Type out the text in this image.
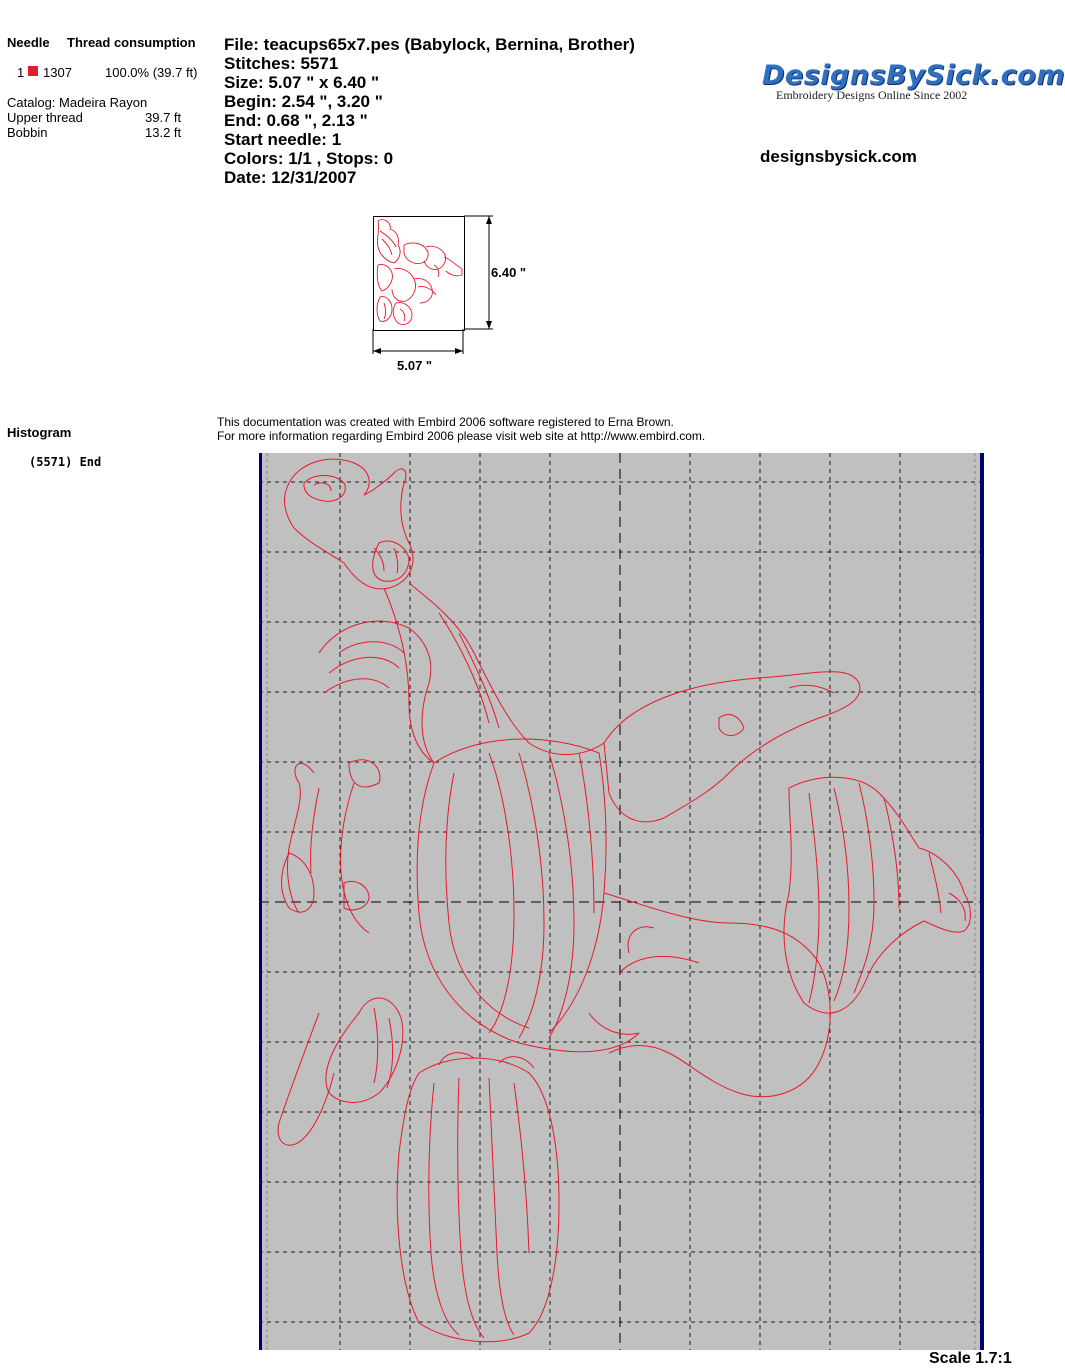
Needle Thread consumption
1 1307	100.0% (39.7 ft)
Catalog: Madeira Rayon
Upper thread	39.7 ft
Bobbin	13.2 ft
File: teacups65x7.pes (Babylock, Bernina, Brother)
Stitches: 5571
Size: 5.07 " x 6.40 "
Begin: 2.54 ", 3.20 "
End: 0.68 ", 2.13 "
Start needle: 1
Colors: 1/1 , Stops: 0
Date: 12/31/2007
DesignsBySick.com
Embroidery Designs Online Since 2002
designsbysick.com
6.40 "
5.07 "
Histogram
(5571) End
This documentation was created with Embird 2006 software registered to Erna Brown.
For more information regarding Embird 2006 please visit web site at http://www.embird.com.
Scale 1.7:1
